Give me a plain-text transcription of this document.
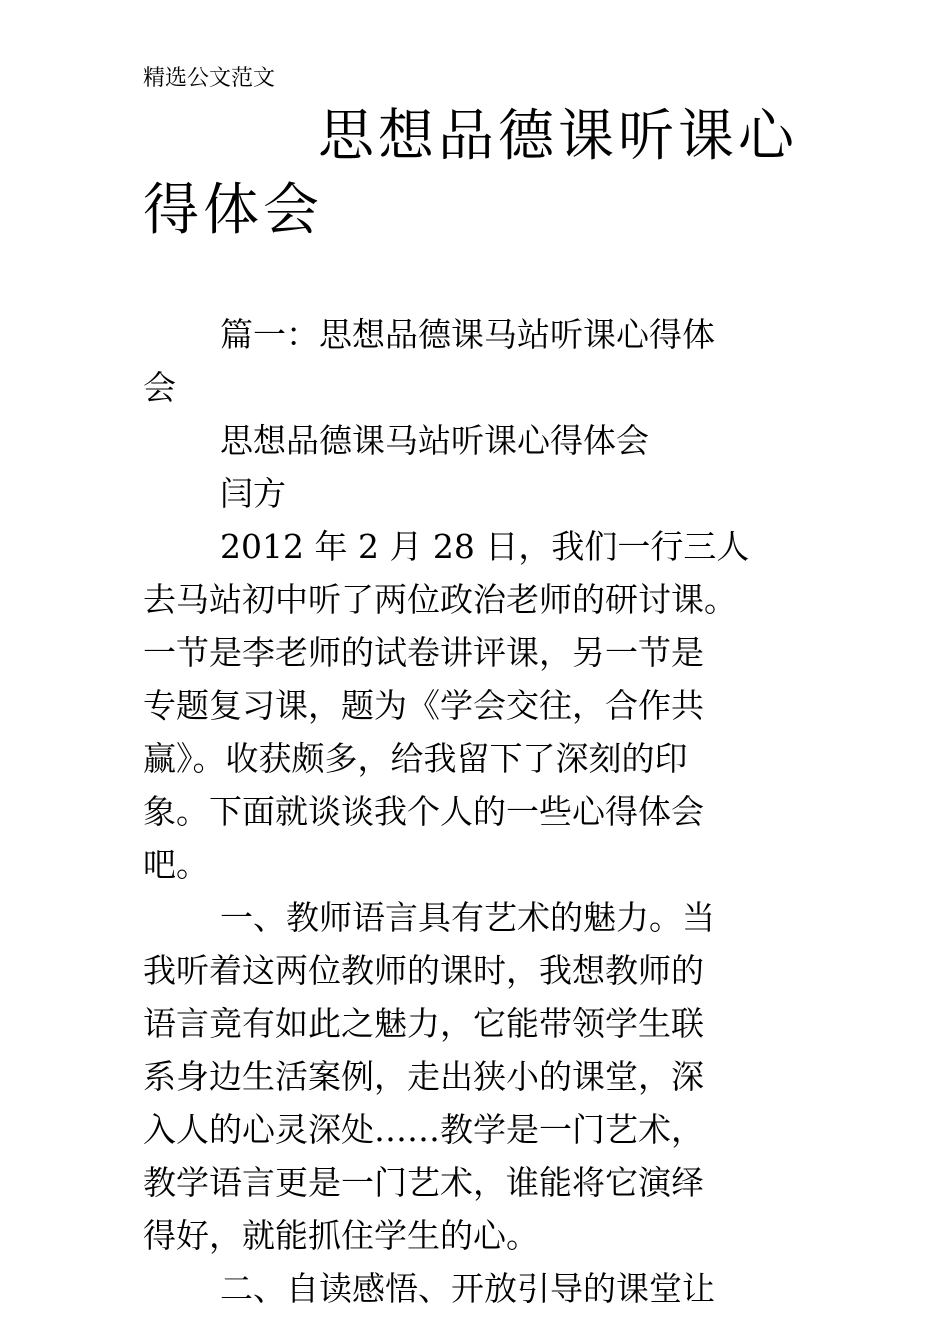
精选公文范文
思想品德课听课心
得体会
篇一：思想品德课马站听课心得体
会
思想品德课马站听课心得体会
闫方
2012 年 2 月 28 日，我们一行三人
去马站初中听了两位政治老师的研讨课。
一节是李老师的试卷讲评课，另一节是
专题复习课，题为《学会交往，合作共
赢》。收获颇多，给我留下了深刻的印
象。下面就谈谈我个人的一些心得体会
吧。
一、教师语言具有艺术的魅力。当
我听着这两位教师的课时，我想教师的
语言竟有如此之魅力，它能带领学生联
系身边生活案例，走出狭小的课堂，深
入人的心灵深处……教学是一门艺术，
教学语言更是一门艺术，谁能将它演绎
得好，就能抓住学生的心。
二、自读感悟、开放引导的课堂让
